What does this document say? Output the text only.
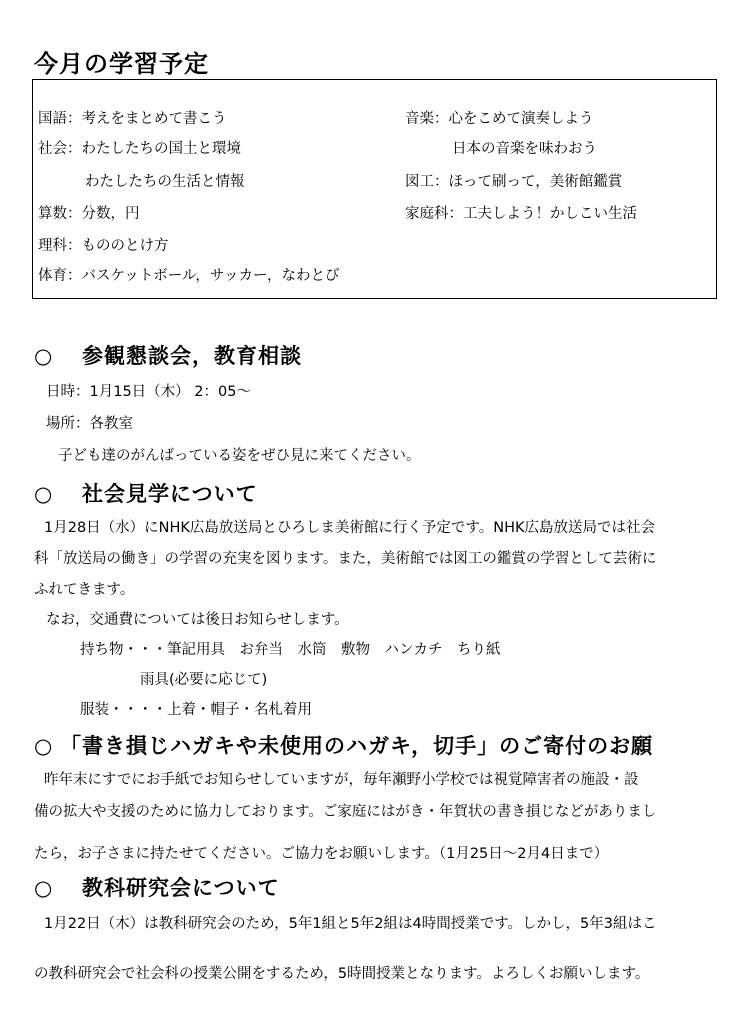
今月の学習予定
国語：考えをまとめて書こう
社会：わたしたちの国土と環境
わたしたちの生活と情報
算数：分数，円
理科：もののとけ方
体育：バスケットボール，サッカー，なわとび
音楽：心をこめて演奏しよう
日本の音楽を味わおう
図工：ほって刷って，美術館鑑賞
家庭科：工夫しよう！かしこい生活
○ 参観懇談会，教育相談
日時：1月15日（木） 2：05～
場所：各教室
子ども達のがんばっている姿をぜひ見に来てください。
○ 社会見学について
1月28日（水）にNHK広島放送局とひろしま美術館に行く予定です。NHK広島放送局では社会
科「放送局の働き」の学習の充実を図ります。また，美術館では図工の鑑賞の学習として芸術に
ふれてきます。
なお，交通費については後日お知らせします。
持ち物・・・筆記用具　お弁当　水筒　敷物　ハンカチ　ちり紙
雨具(必要に応じて)
服装・・・・上着・帽子・名札着用
○ 「書き損じハガキや未使用のハガキ，切手」のご寄付のお願
昨年末にすでにお手紙でお知らせしていますが，毎年瀬野小学校では視覚障害者の施設・設
備の拡大や支援のために協力しております。ご家庭にはがき・年賀状の書き損じなどがありまし
たら，お子さまに持たせてください。ご協力をお願いします。（1月25日～2月4日まで）
○ 教科研究会について
1月22日（木）は教科研究会のため，5年1組と5年2組は4時間授業です。しかし，5年3組はこ
の教科研究会で社会科の授業公開をするため，5時間授業となります。よろしくお願いします。
